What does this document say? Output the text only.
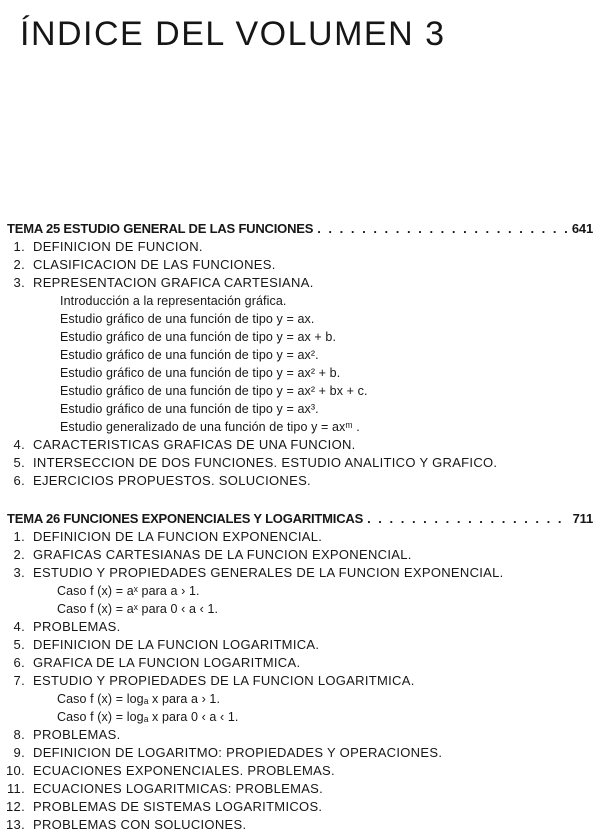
ÍNDICE DEL VOLUMEN 3
TEMA 25 ESTUDIO GENERAL DE LAS FUNCIONES . . .	641
1. DEFINICION DE FUNCION.
2. CLASIFICACION DE LAS FUNCIONES.
3. REPRESENTACION GRAFICA CARTESIANA.
Introducción a la representación gráfica.
Estudio gráfico de una función de tipo y = ax.
Estudio gráfico de una función de tipo y = ax + b.
Estudio gráfico de una función de tipo y = ax².
Estudio gráfico de una función de tipo y = ax² + b.
Estudio gráfico de una función de tipo y = ax² + bx + c.
Estudio gráfico de una función de tipo y = ax³.
Estudio generalizado de una función de tipo y = axᵐ .
4. CARACTERISTICAS GRAFICAS DE UNA FUNCION.
5. INTERSECCION DE DOS FUNCIONES. ESTUDIO ANALITICO Y GRAFICO.
6. EJERCICIOS PROPUESTOS. SOLUCIONES.
TEMA 26 FUNCIONES EXPONENCIALES Y LOGARITMICAS . . .	711
1. DEFINICION DE LA FUNCION EXPONENCIAL.
2. GRAFICAS CARTESIANAS DE LA FUNCION EXPONENCIAL.
3. ESTUDIO Y PROPIEDADES GENERALES DE LA FUNCION EXPONENCIAL.
Caso f (x) = aˣ para a › 1.
Caso f (x) = aˣ para 0 ‹ a ‹ 1.
4. PROBLEMAS.
5. DEFINICION DE LA FUNCION LOGARITMICA.
6. GRAFICA DE LA FUNCION LOGARITMICA.
7. ESTUDIO Y PROPIEDADES DE LA FUNCION LOGARITMICA.
Caso f (x) = logₐ x para a › 1.
Caso f (x) = logₐ x para 0 ‹ a ‹ 1.
8. PROBLEMAS.
9. DEFINICION DE LOGARITMO: PROPIEDADES Y OPERACIONES.
10. ECUACIONES EXPONENCIALES. PROBLEMAS.
11. ECUACIONES LOGARITMICAS: PROBLEMAS.
12. PROBLEMAS DE SISTEMAS LOGARITMICOS.
13. PROBLEMAS CON SOLUCIONES.
